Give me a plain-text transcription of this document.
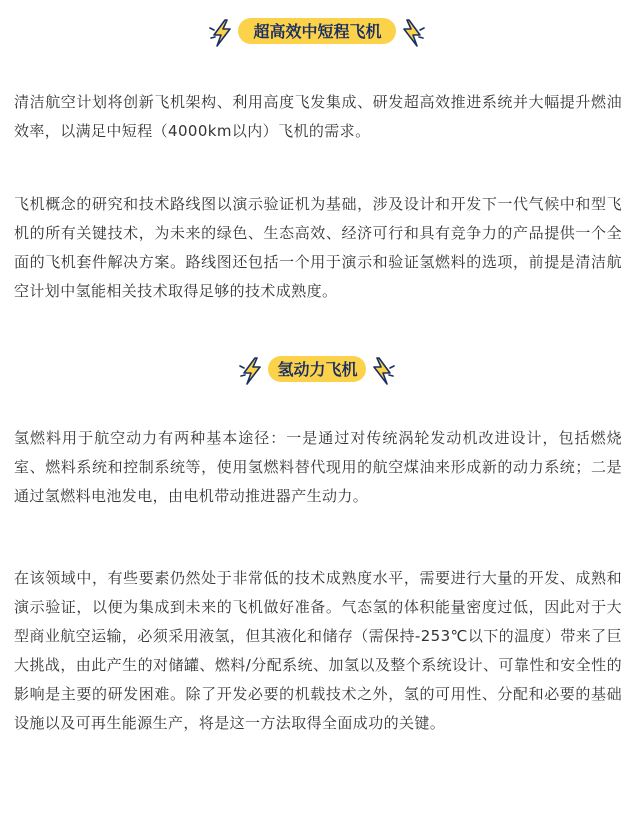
超高效中短程飞机

清洁航空计划将创新飞机架构、利用高度飞发集成、研发超高效推进系统并大幅提升燃油效率，以满足中短程（4000km以内）飞机的需求。

飞机概念的研究和技术路线图以演示验证机为基础，涉及设计和开发下一代气候中和型飞机的所有关键技术，为未来的绿色、生态高效、经济可行和具有竞争力的产品提供一个全面的飞机套件解决方案。路线图还包括一个用于演示和验证氢燃料的选项，前提是清洁航空计划中氢能相关技术取得足够的技术成熟度。

氢动力飞机

氢燃料用于航空动力有两种基本途径：一是通过对传统涡轮发动机改进设计，包括燃烧室、燃料系统和控制系统等，使用氢燃料替代现用的航空煤油来形成新的动力系统；二是通过氢燃料电池发电，由电机带动推进器产生动力。

在该领域中，有些要素仍然处于非常低的技术成熟度水平，需要进行大量的开发、成熟和演示验证，以便为集成到未来的飞机做好准备。气态氢的体积能量密度过低，因此对于大型商业航空运输，必须采用液氢，但其液化和储存（需保持-253℃以下的温度）带来了巨大挑战，由此产生的对储罐、燃料/分配系统、加氢以及整个系统设计、可靠性和安全性的影响是主要的研发困难。除了开发必要的机载技术之外，氢的可用性、分配和必要的基础设施以及可再生能源生产，将是这一方法取得全面成功的关键。
